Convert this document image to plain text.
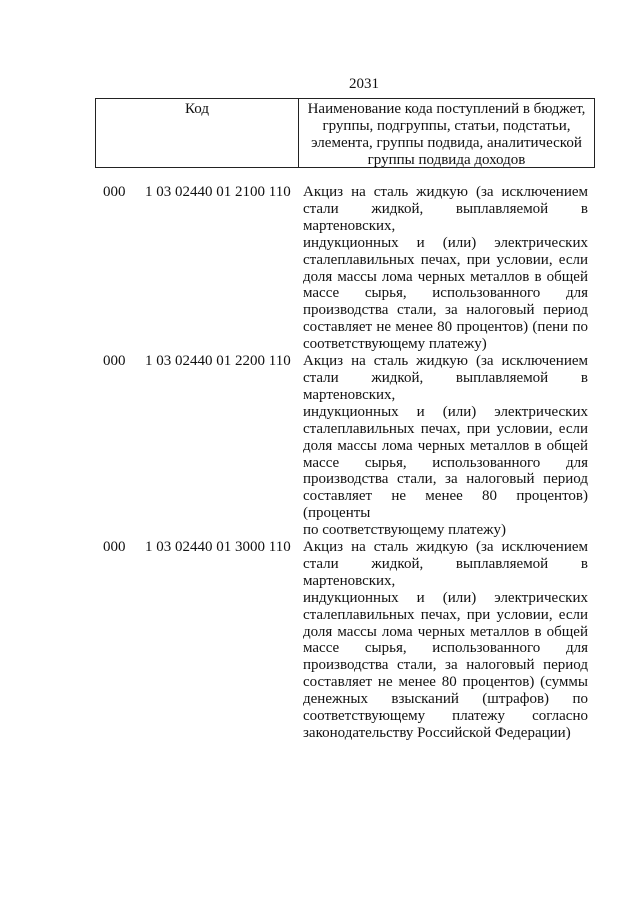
2031
Код	Наименование кода поступлений в бюджет, группы, подгруппы, статьи, подстатьи, элемента, группы подвида, аналитической группы подвида доходов
000 1 03 02440 01 2100 110 Акциз на сталь жидкую (за исключением
стали жидкой, выплавляемой в мартеновских,
индукционных и (или) электрических
сталеплавильных печах, при условии, если
доля массы лома черных металлов в общей
массе сырья, использованного для
производства стали, за налоговый период
составляет не менее 80 процентов) (пени по
соответствующему платежу)
000 1 03 02440 01 2200 110 Акциз на сталь жидкую (за исключением
стали жидкой, выплавляемой в мартеновских,
индукционных и (или) электрических
сталеплавильных печах, при условии, если
доля массы лома черных металлов в общей
массе сырья, использованного для
производства стали, за налоговый период
составляет не менее 80 процентов) (проценты
по соответствующему платежу)
000 1 03 02440 01 3000 110 Акциз на сталь жидкую (за исключением
стали жидкой, выплавляемой в мартеновских,
индукционных и (или) электрических
сталеплавильных печах, при условии, если
доля массы лома черных металлов в общей
массе сырья, использованного для
производства стали, за налоговый период
составляет не менее 80 процентов) (суммы
денежных взысканий (штрафов) по
соответствующему платежу согласно
законодательству Российской Федерации)
